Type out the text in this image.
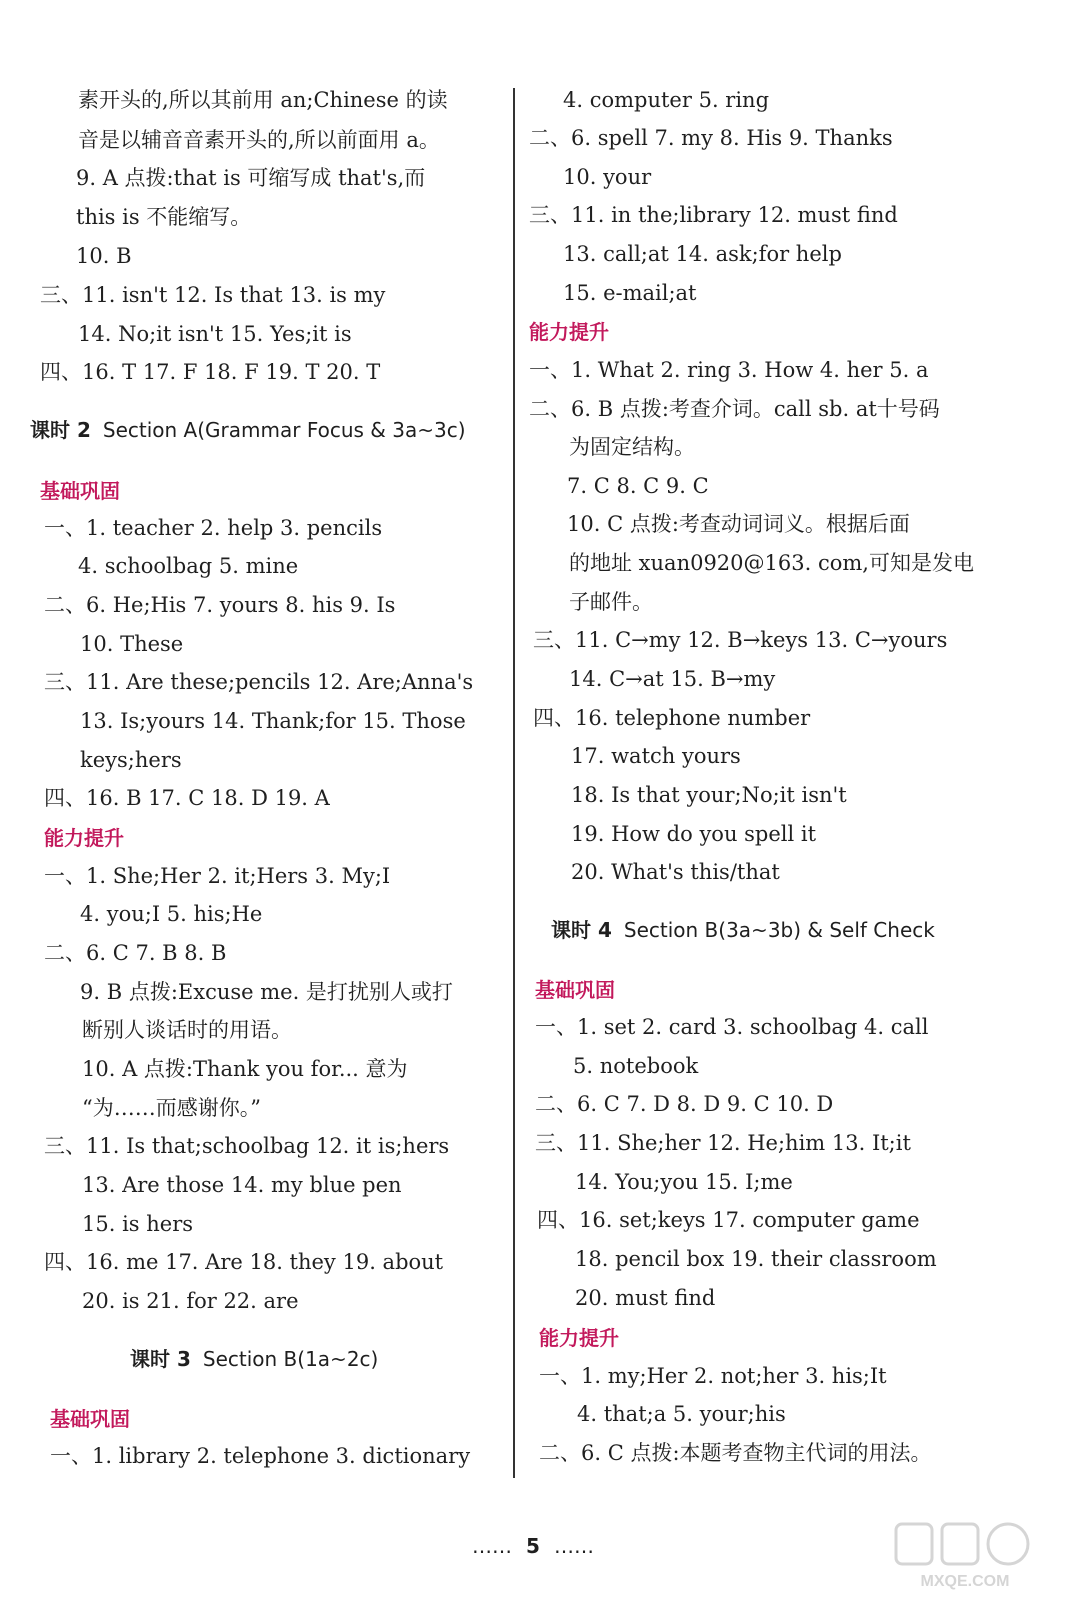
素开头的,所以其前用 an;Chinese 的读
音是以辅音音素开头的,所以前面用 a。
9. A 点拨:that is 可缩写成 that's,而
this is 不能缩写。
10. B
三、11. isn't 12. Is that 13. is my
14. No;it isn't 15. Yes;it is
四、16. T 17. F 18. F 19. T 20. T
课时 2 Section A(Grammar Focus & 3a~3c)
基础巩固
一、1. teacher 2. help 3. pencils
4. schoolbag 5. mine
二、6. He;His 7. yours 8. his 9. Is
10. These
三、11. Are these;pencils 12. Are;Anna's
13. Is;yours 14. Thank;for 15. Those
keys;hers
四、16. B 17. C 18. D 19. A
能力提升
一、1. She;Her 2. it;Hers 3. My;I
4. you;I 5. his;He
二、6. C 7. B 8. B
9. B 点拨:Excuse me. 是打扰别人或打
断别人谈话时的用语。
10. A 点拨:Thank you for... 意为
“为……而感谢你。”
三、11. Is that;schoolbag 12. it is;hers
13. Are those 14. my blue pen
15. is hers
四、16. me 17. Are 18. they 19. about
20. is 21. for 22. are
课时 3 Section B(1a~2c)
基础巩固
一、1. library 2. telephone 3. dictionary
4. computer 5. ring
二、6. spell 7. my 8. His 9. Thanks
10. your
三、11. in the;library 12. must find
13. call;at 14. ask;for help
15. e-mail;at
能力提升
一、1. What 2. ring 3. How 4. her 5. a
二、6. B 点拨:考查介词。call sb. at十号码
为固定结构。
7. C 8. C 9. C
10. C 点拨:考查动词词义。根据后面
的地址 xuan0920@163. com,可知是发电
子邮件。
三、11. C→my 12. B→keys 13. C→yours
14. C→at 15. B→my
四、16. telephone number
17. watch yours
18. Is that your;No;it isn't
19. How do you spell it
20. What's this/that
课时 4 Section B(3a~3b) & Self Check
基础巩固
一、1. set 2. card 3. schoolbag 4. call
5. notebook
二、6. C 7. D 8. D 9. C 10. D
三、11. She;her 12. He;him 13. It;it
14. You;you 15. I;me
四、16. set;keys 17. computer game
18. pencil box 19. their classroom
20. must find
能力提升
一、1. my;Her 2. not;her 3. his;It
4. that;a 5. your;his
二、6. C 点拨:本题考查物主代词的用法。
…… 5 ……
MXQE.COM
